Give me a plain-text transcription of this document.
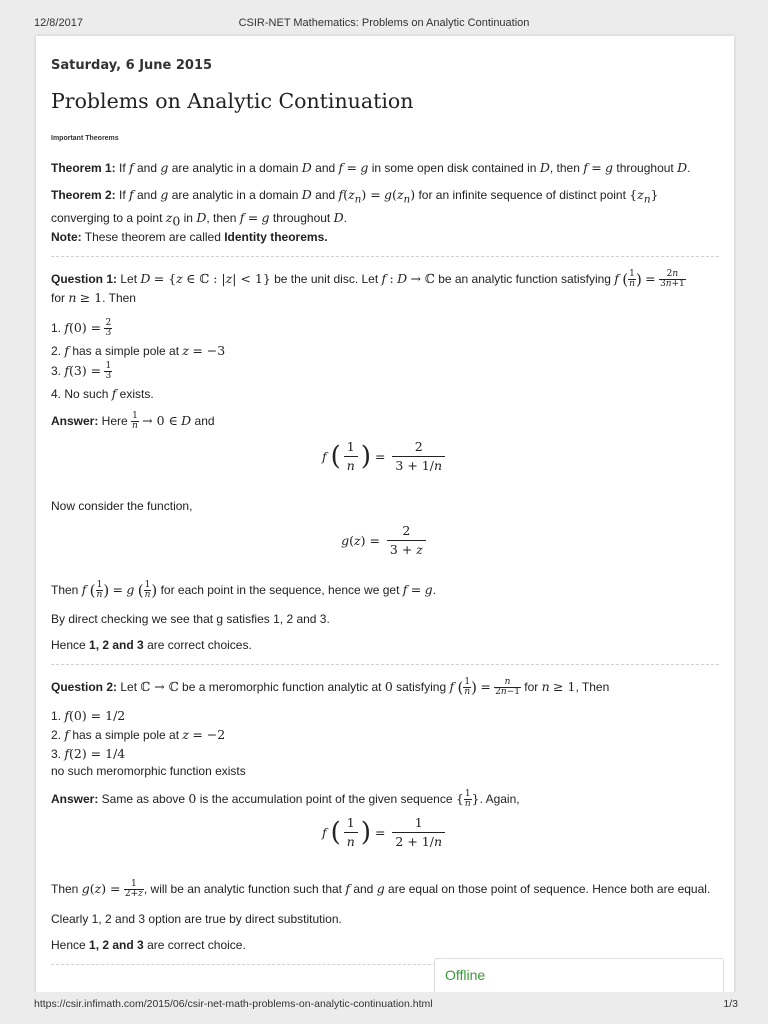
12/8/2017	CSIR-NET Mathematics: Problems on Analytic Continuation
Saturday, 6 June 2015
Problems on Analytic Continuation
Important Theorems
Theorem 1: If f and g are analytic in a domain D and f = g in some open disk contained in D, then f = g throughout D.
Theorem 2: If f and g are analytic in a domain D and $f(z_n) = g(z_n)$ for an infinite sequence of distinct point $\{z_n\}$
converging to a point $z_0$ in D, then f = g throughout D.
Note: These theorem are called Identity theorems.
Question 1: Let D = {z ∈ ℂ : |z| < 1} be the unit disc. Let f : D → ℂ be an analytic function satisfying f ( $\frac{1}{n}$ ) = $\frac{2n}{3n+1}$

for n ≥ 1. Then
1. $f(0) = \frac{2}{3}$
2. f has a simple pole at z = −3
3. $f(3) = \frac{1}{3}$
4. No such f exists.
Answer: Here $\frac{1}{n} \to 0$ ∈ D and
f ( $\frac{1}{n}$ ) = $\frac{2}{3 + 1/n}$
Now consider the function,
$g(z) = \frac{2}{3 + z}$
Then f ( $\frac{1}{n}$ ) = g ( $\frac{1}{n}$ ) for each point in the sequence, hence we get f = g.
By direct checking we see that g satisfies 1, 2 and 3.
Hence 1, 2 and 3 are correct choices.
Question 2: Let ℂ → ℂ be a meromorphic function analytic at 0 satisfying f ( $\frac{1}{n}$ ) = $\frac{n}{2n-1}$ for n ≥ 1, Then
1. f(0) = 1/2
2. f has a simple pole at z = −2
3. f(2) = 1/4
no such meromorphic function exists
Answer: Same as above 0 is the accumulation point of the given sequence { $\frac{1}{n}$ }. Again,
f ( $\frac{1}{n}$ ) = $\frac{1}{2 + 1/n}$
Then $g(z) = \frac{1}{2+z}$ , will be an analytic function such that f and g are equal on those point of sequence. Hence both are equal.
Clearly 1, 2 and 3 option are true by direct substitution.
Hence 1, 2 and 3 are correct choice.
Offline
https://csir.infimath.com/2015/06/csir-net-math-problems-on-analytic-continuation.html	1/3
